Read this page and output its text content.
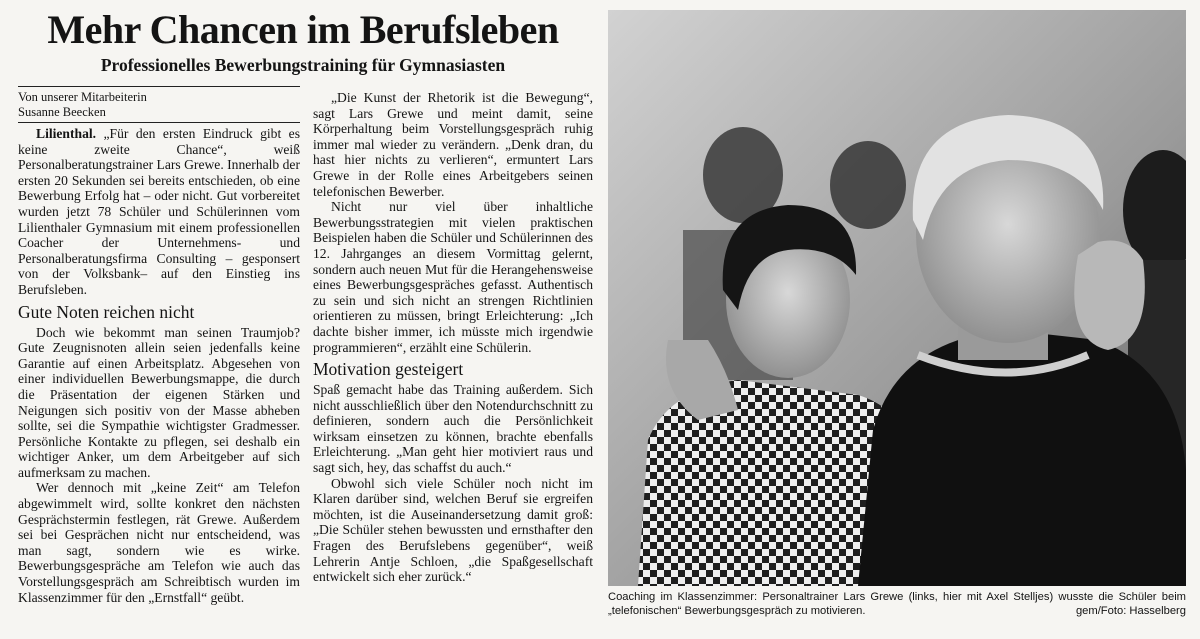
Mehr Chancen im Berufsleben
Professionelles Bewerbungstraining für Gymnasiasten
Von unserer Mitarbeiterin
Susanne Beecken

Lilienthal. „Für den ersten Eindruck gibt es keine zweite Chance“, weiß Personalberatungstrainer Lars Grewe. Innerhalb der ersten 20 Sekunden sei bereits entschieden, ob eine Bewerbung Erfolg hat – oder nicht. Gut vorbereitet wurden jetzt 78 Schüler und Schülerinnen vom Lilienthaler Gymnasium mit einem professionellen Coacher der Unternehmens- und Personalberatungsfirma Consulting – gesponsert von der Volksbank– auf den Einstieg ins Berufsleben.

Gute Noten reichen nicht

Doch wie bekommt man seinen Traumjob? Gute Zeugnisnoten allein seien jedenfalls keine Garantie auf einen Arbeitsplatz. Abgesehen von einer individuellen Bewerbungsmappe, die durch die Präsentation der eigenen Stärken und Neigungen sich positiv von der Masse abheben sollte, sei die Sympathie wichtigster Gradmesser. Persönliche Kontakte zu pflegen, sei deshalb ein wichtiger Anker, um dem Arbeitgeber auf sich aufmerksam zu machen.

Wer dennoch mit „keine Zeit“ am Telefon abgewimmelt wird, sollte konkret den nächsten Gesprächstermin festlegen, rät Grewe. Außerdem sei bei Gesprächen nicht nur entscheidend, was man sagt, sondern wie es wirke. Bewerbungsgespräche am Telefon wie auch das Vorstellungsgespräch am Schreibtisch wurden im Klassenzimmer für den „Ernstfall“ geübt.

„Die Kunst der Rhetorik ist die Bewegung“, sagt Lars Grewe und meint damit, seine Körperhaltung beim Vorstellungsgespräch ruhig immer mal wieder zu verändern. „Denk dran, du hast hier nichts zu verlieren“, ermuntert Lars Grewe in der Rolle eines Arbeitgebers seinen telefonischen Bewerber.

Nicht nur viel über inhaltliche Bewerbungsstrategien mit vielen praktischen Beispielen haben die Schüler und Schülerinnen des 12. Jahrganges an diesem Vormittag gelernt, sondern auch neuen Mut für die Herangehensweise eines Bewerbungsgespräches gefasst. Authentisch zu sein und sich nicht an strengen Richtlinien orientieren zu müssen, bringt Erleichterung: „Ich dachte bisher immer, ich müsste mich irgendwie programmieren“, erzählt eine Schülerin.

Motivation gesteigert

Spaß gemacht habe das Training außerdem. Sich nicht ausschließlich über den Notendurchschnitt zu definieren, sondern auch die Persönlichkeit wirksam einsetzen zu können, brachte ebenfalls Erleichterung. „Man geht hier motiviert raus und sagt sich, hey, das schaffst du auch.“

Obwohl sich viele Schüler noch nicht im Klaren darüber sind, welchen Beruf sie ergreifen möchten, ist die Auseinandersetzung damit groß: „Die Schüler stehen bewussten und ernsthafter den Fragen des Berufslebens gegenüber“, weiß Lehrerin Antje Schloen, „die Spaßgesellschaft entwickelt sich eher zurück.“

Coaching im Klassenzimmer: Personaltrainer Lars Grewe (links, hier mit Axel Stelljes) wusste die Schüler beim „telefonischen“ Bewerbungsgespräch zu motivieren.	gem/Foto: Hasselberg
